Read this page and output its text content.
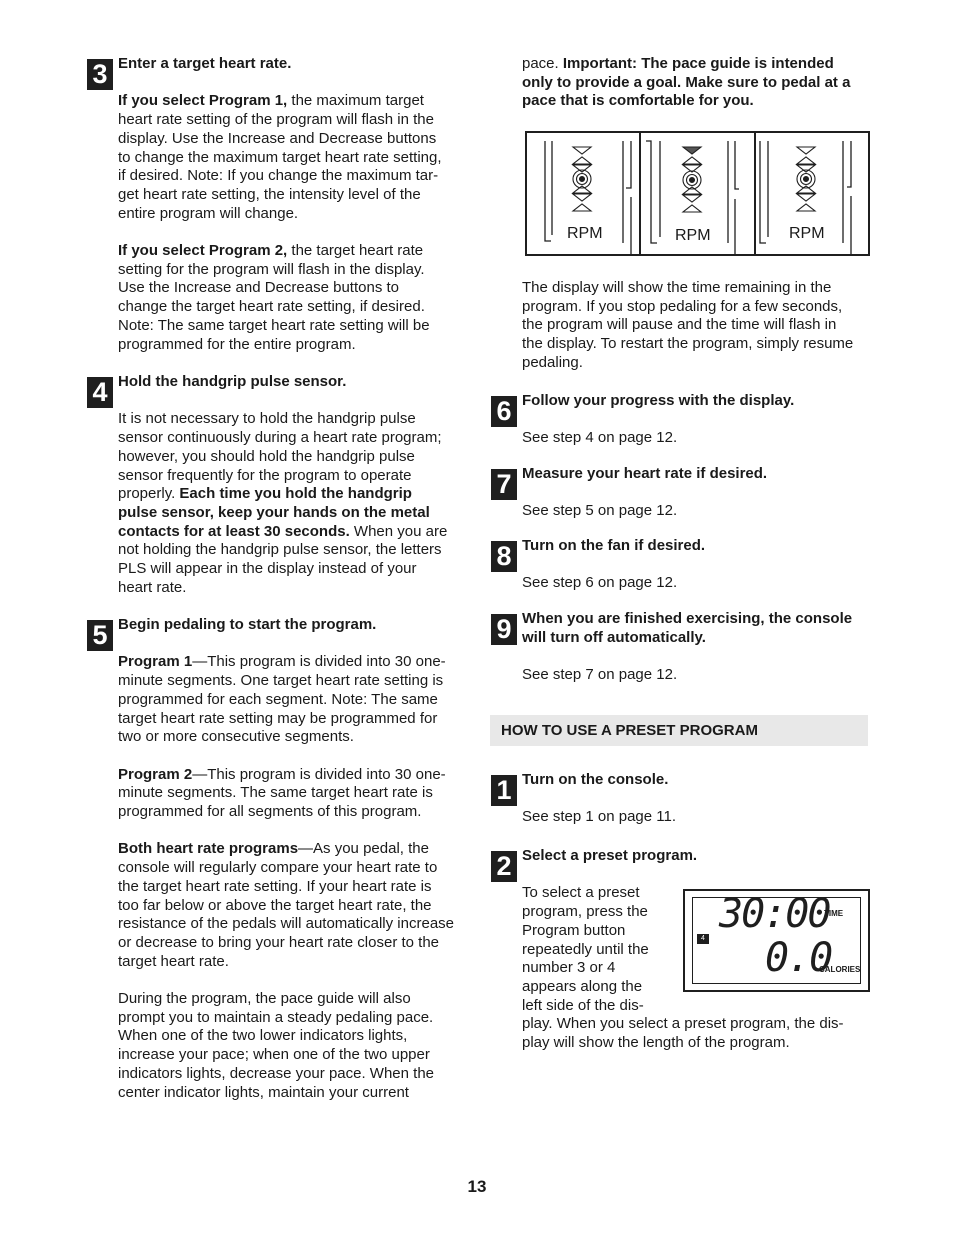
3 Enter a target heart rate.
If you select Program 1, the maximum target
heart rate setting of the program will flash in the
display. Use the Increase and Decrease buttons
to change the maximum target heart rate setting,
if desired. Note: If you change the maximum tar-
get heart rate setting, the intensity level of the
entire program will change.
If you select Program 2, the target heart rate
setting for the program will flash in the display.
Use the Increase and Decrease buttons to
change the target heart rate setting, if desired.
Note: The same target heart rate setting will be
programmed for the entire program.
4 Hold the handgrip pulse sensor.
It is not necessary to hold the handgrip pulse
sensor continuously during a heart rate program;
however, you should hold the handgrip pulse
sensor frequently for the program to operate
properly. Each time you hold the handgrip
pulse sensor, keep your hands on the metal
contacts for at least 30 seconds. When you are
not holding the handgrip pulse sensor, the letters
PLS will appear in the display instead of your
heart rate.
5 Begin pedaling to start the program.
Program 1—This program is divided into 30 one-
minute segments. One target heart rate setting is
programmed for each segment. Note: The same
target heart rate setting may be programmed for
two or more consecutive segments.
Program 2—This program is divided into 30 one-
minute segments. The same target heart rate is
programmed for all segments of this program.
Both heart rate programs—As you pedal, the
console will regularly compare your heart rate to
the target heart rate setting. If your heart rate is
too far below or above the target heart rate, the
resistance of the pedals will automatically increase
or decrease to bring your heart rate closer to the
target heart rate.
During the program, the pace guide will also
prompt you to maintain a steady pedaling pace.
When one of the two lower indicators lights,
increase your pace; when one of the two upper
indicators lights, decrease your pace. When the
center indicator lights, maintain your current
pace. Important: The pace guide is intended
only to provide a goal. Make sure to pedal at a
pace that is comfortable for you.
RPM	RPM	RPM
The display will show the time remaining in the
program. If you stop pedaling for a few seconds,
the program will pause and the time will flash in
the display. To restart the program, simply resume
pedaling.
6 Follow your progress with the display.
See step 4 on page 12.
7 Measure your heart rate if desired.
See step 5 on page 12.
8 Turn on the fan if desired.
See step 6 on page 12.
9 When you are finished exercising, the console
will turn off automatically.
See step 7 on page 12.
HOW TO USE A PRESET PROGRAM
1 Turn on the console.
See step 1 on page 11.
2 Select a preset program.
To select a preset
program, press the
Program button
repeatedly until the
number 3 or 4
appears along the
left side of the dis-
play. When you select a preset program, the dis-
play will show the length of the program.
4
30:00
TIME
0.0
CALORIES
13
